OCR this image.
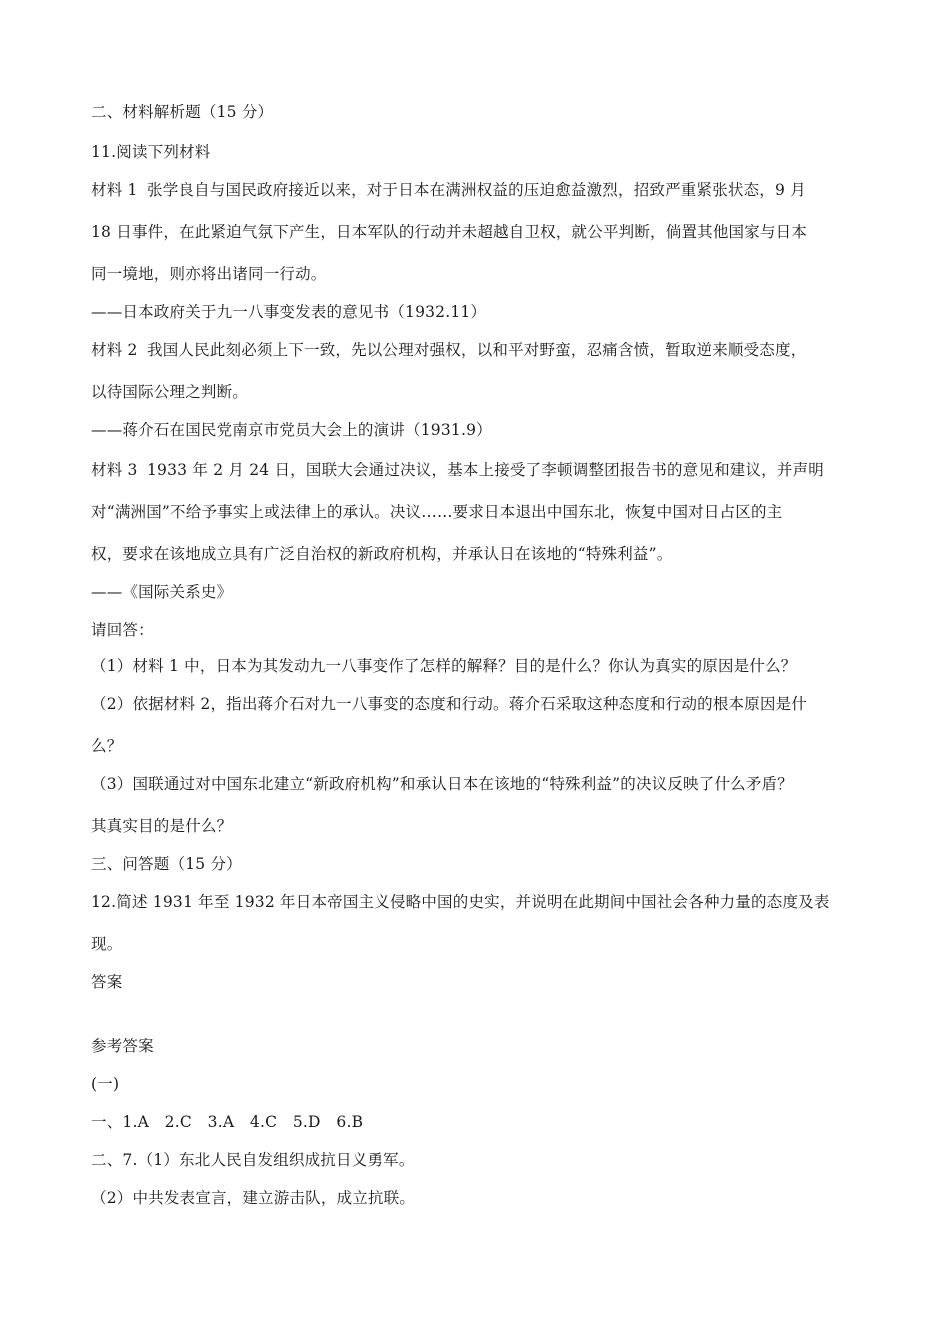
二、材料解析题（15 分）
11.阅读下列材料
材料 1 张学良自与国民政府接近以来，对于日本在满洲权益的压迫愈益激烈，招致严重紧张状态，9 月
18 日事件，在此紧迫气氛下产生，日本军队的行动并未超越自卫权，就公平判断，倘置其他国家与日本
同一境地，则亦将出诸同一行动。
——日本政府关于九一八事变发表的意见书（1932.11）
材料 2 我国人民此刻必须上下一致，先以公理对强权，以和平对野蛮，忍痛含愤，暂取逆来顺受态度，
以待国际公理之判断。
——蒋介石在国民党南京市党员大会上的演讲（1931.9）
材料 3 1933 年 2 月 24 日，国联大会通过决议，基本上接受了李顿调整团报告书的意见和建议，并声明
对“满洲国”不给予事实上或法律上的承认。决议……要求日本退出中国东北，恢复中国对日占区的主
权，要求在该地成立具有广泛自治权的新政府机构，并承认日在该地的“特殊利益”。
——《国际关系史》
请回答：
（1）材料 1 中，日本为其发动九一八事变作了怎样的解释？目的是什么？你认为真实的原因是什么？
（2）依据材料 2，指出蒋介石对九一八事变的态度和行动。蒋介石采取这种态度和行动的根本原因是什
么？
（3）国联通过对中国东北建立“新政府机构”和承认日本在该地的“特殊利益”的决议反映了什么矛盾？
其真实目的是什么？
三、问答题（15 分）
12.简述 1931 年至 1932 年日本帝国主义侵略中国的史实，并说明在此期间中国社会各种力量的态度及表
现。
答案
参考答案
(一)
一、1.A　2.C　3.A　4.C　5.D　6.B
二、7.（1）东北人民自发组织成抗日义勇军。
（2）中共发表宣言，建立游击队，成立抗联。
